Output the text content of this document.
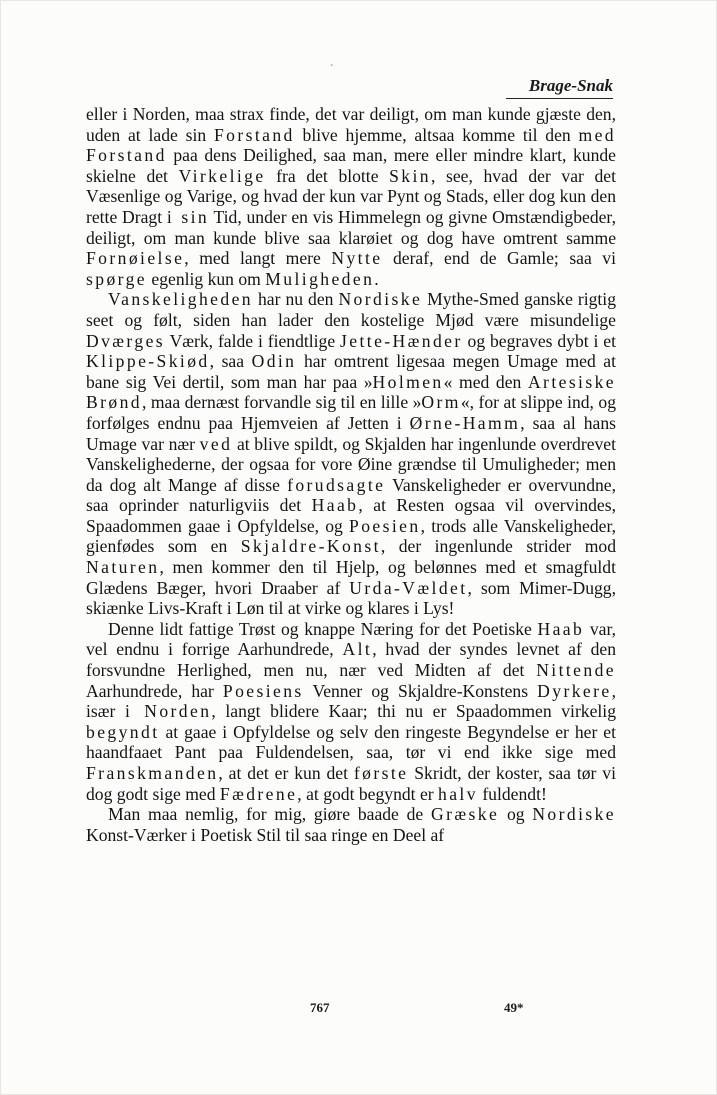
´
Brage-Snak

eller i Norden, maa strax finde, det var deiligt, om man kunde gjæste den, uden at lade sin Forstand blive hjemme, altsaa komme til den med Forstand paa dens Deilighed, saa man, mere eller mindre klart, kunde skielne det Virkelige fra det blotte Skin, see, hvad der var det Væsenlige og Varige, og hvad der kun var Pynt og Stads, eller dog kun den rette Dragt i sin Tid, under en vis Himmelegn og givne Omstændigbeder, deiligt, om man kunde blive saa klarøiet og dog have omtrent samme Fornøielse, med langt mere Nytte deraf, end de Gamle; saa vi spørge egenlig kun om Muligheden.

Vanskeligheden har nu den Nordiske Mythe-Smed ganske rigtig seet og følt, siden han lader den kostelige Mjød være misundelige Dværges Værk, falde i fiendtlige Jette-Hænder og begraves dybt i et Klippe-Skiød, saa Odin har omtrent ligesaa megen Umage med at bane sig Vei dertil, som man har paa »Holmen« med den Artesiske Brønd, maa dernæst forvandle sig til en lille »Orm«, for at slippe ind, og forfølges endnu paa Hjemveien af Jetten i Ørne-Hamm, saa al hans Umage var nær ved at blive spildt, og Skjalden har ingenlunde overdrevet Vanskelighederne, der ogsaa for vore Øine grændse til Umuligheder; men da dog alt Mange af disse forudsagte Vanskeligheder er overvundne, saa oprinder naturligviis det Haab, at Resten ogsaa vil overvindes, Spaadommen gaae i Opfyldelse, og Poesien, trods alle Vanskeligheder, gienfødes som en Skjaldre-Konst, der ingenlunde strider mod Naturen, men kommer den til Hjelp, og belønnes med et smagfuldt Glædens Bæger, hvori Draaber af Urda-Vældet, som Mimer-Dugg, skiænke Livs-Kraft i Løn til at virke og klares i Lys!

Denne lidt fattige Trøst og knappe Næring for det Poetiske Haab var, vel endnu i forrige Aarhundrede, Alt, hvad der syndes levnet af den forsvundne Herlighed, men nu, nær ved Midten af det Nittende Aarhundrede, har Poesiens Venner og Skjaldre-Konstens Dyrkere, især i Norden, langt blidere Kaar; thi nu er Spaadommen virkelig begyndt at gaae i Opfyldelse og selv den ringeste Begyndelse er her et haandfaaet Pant paa Fuldendelsen, saa, tør vi end ikke sige med Franskmanden, at det er kun det første Skridt, der koster, saa tør vi dog godt sige med Fædrene, at godt begyndt er halv fuldendt!

Man maa nemlig, for mig, giøre baade de Græske og Nordiske Konst-Værker i Poetisk Stil til saa ringe en Deel af

767	49*
